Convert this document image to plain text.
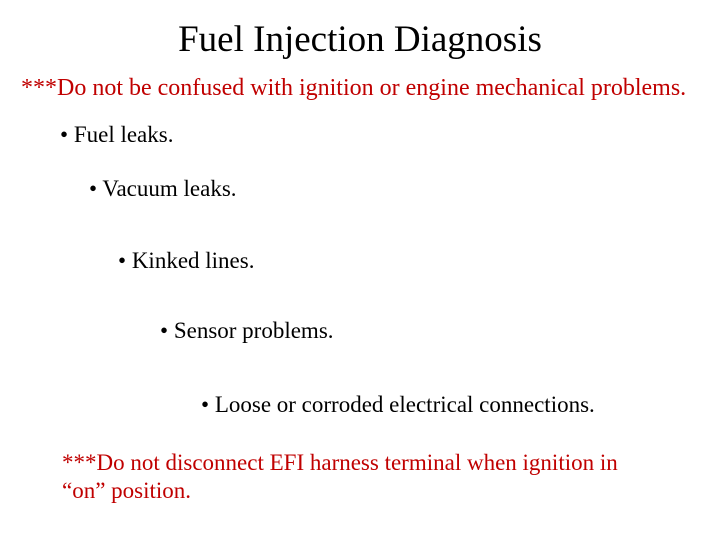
Fuel Injection Diagnosis
***Do not be confused with ignition or engine mechanical problems.
• Fuel leaks.
• Vacuum leaks.
• Kinked lines.
• Sensor problems.
• Loose or corroded electrical connections.
***Do not disconnect EFI harness terminal when ignition in “on” position.
